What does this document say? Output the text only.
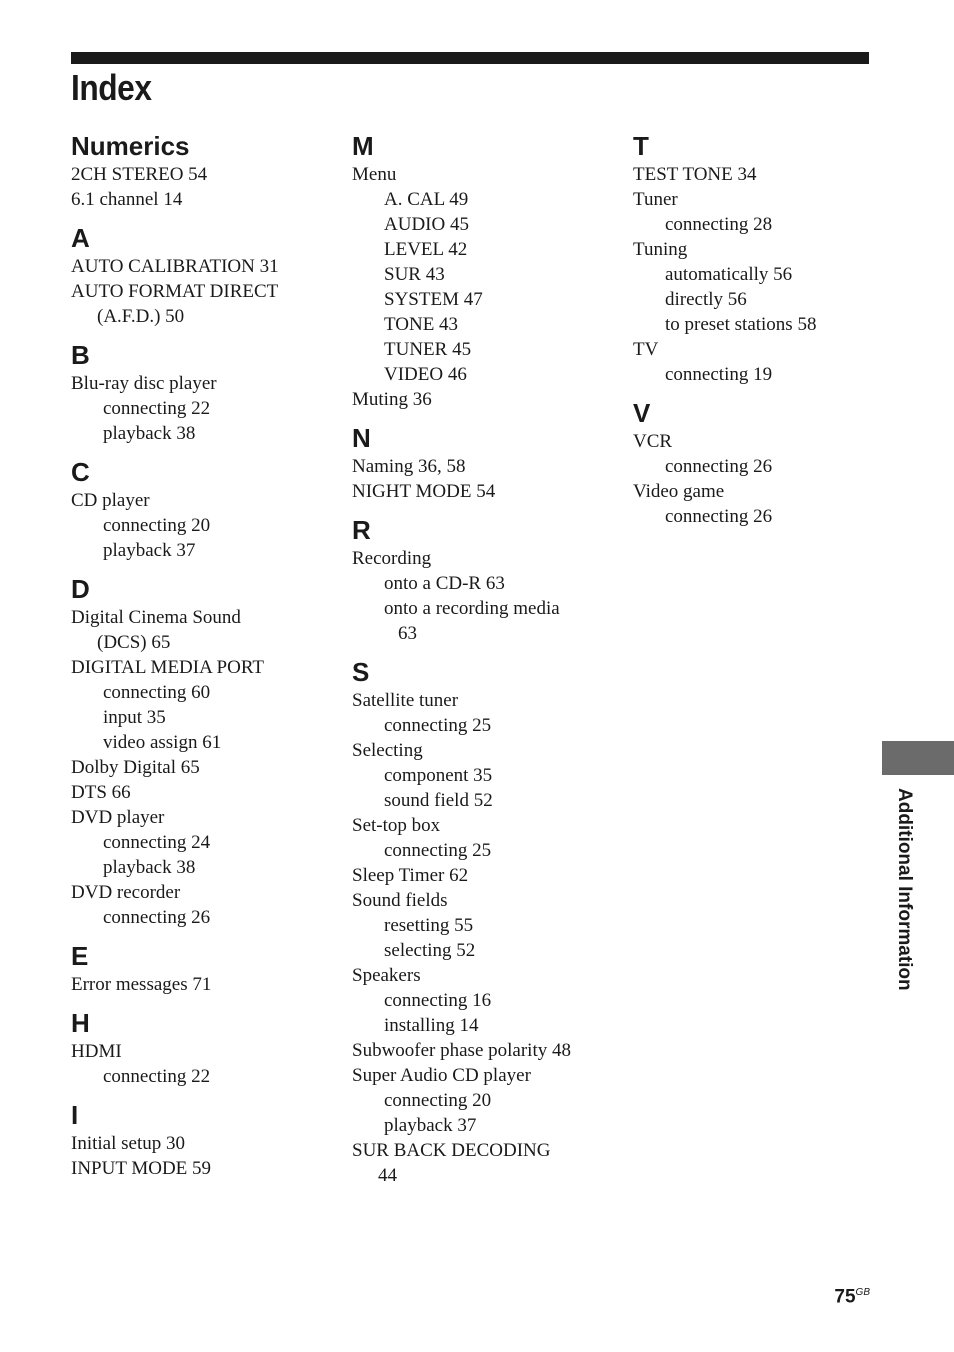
Index
Numerics
2CH STEREO 54
6.1 channel 14
A
AUTO CALIBRATION 31
AUTO FORMAT DIRECT
(A.F.D.) 50
B
Blu-ray disc player
connecting 22
playback 38
C
CD player
connecting 20
playback 37
D
Digital Cinema Sound
(DCS) 65
DIGITAL MEDIA PORT
connecting 60
input 35
video assign 61
Dolby Digital 65
DTS 66
DVD player
connecting 24
playback 38
DVD recorder
connecting 26
E
Error messages 71
H
HDMI
connecting 22
I
Initial setup 30
INPUT MODE 59
M
Menu
A. CAL 49
AUDIO 45
LEVEL 42
SUR 43
SYSTEM 47
TONE 43
TUNER 45
VIDEO 46
Muting 36
N
Naming 36, 58
NIGHT MODE 54
R
Recording
onto a CD-R 63
onto a recording media
63
S
Satellite tuner
connecting 25
Selecting
component 35
sound field 52
Set-top box
connecting 25
Sleep Timer 62
Sound fields
resetting 55
selecting 52
Speakers
connecting 16
installing 14
Subwoofer phase polarity 48
Super Audio CD player
connecting 20
playback 37
SUR BACK DECODING
44
T
TEST TONE 34
Tuner
connecting 28
Tuning
automatically 56
directly 56
to preset stations 58
TV
connecting 19
V
VCR
connecting 26
Video game
connecting 26
Additional Information
$75^{GB}$
